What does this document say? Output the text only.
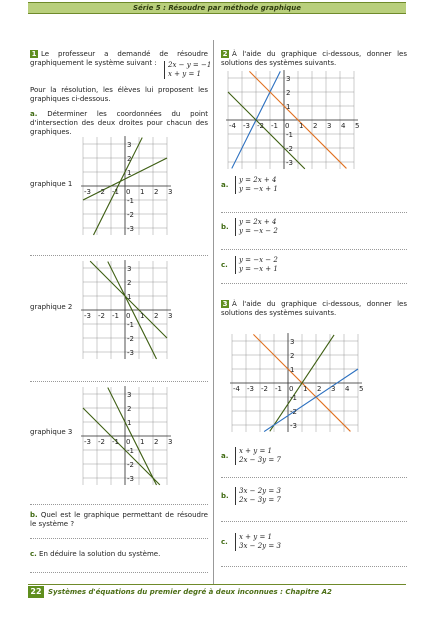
Série 5 : Résoudre par méthode graphique
1 Le professeur a demandé de résoudre graphiquement le système suivant :	2x − y = −1
x + y = 1
Pour la résolution, les élèves lui proposent les graphiques ci-dessous.
a. Déterminer les coordonnées du point d'intersection des deux droites pour chacun des graphiques.
graphique 1
-3 -2 -1 0 1 2 3
3
2
1
-1
-2
-3
graphique 2
-3 -2 -1 0 1 2 3
3
2
1
-1
-2
-3
graphique 3
-3 -2 -1 0 1 2 3
3
2
1
-1
-2
-3
b. Quel est le graphique permettant de résoudre le système ?
c. En déduire la solution du système.
2 À l'aide du graphique ci-dessous, donner les solutions des systèmes suivants.
-4 -3 -2 -1 0 1 2 3 4 5
3
2
1
-1
-2
-3
a.
y = 2x + 4
y = −x + 1
b.
y = 2x + 4
y = −x − 2
c.
y = −x − 2
y = −x + 1
3 À l'aide du graphique ci-dessous, donner les solutions des systèmes suivants.
-4 -3 -2 -1 0 1 2 3 4 5
3
2
1
-1
-2
-3
a.
x + y = 1
2x − 3y = 7
b.
3x − 2y = 3
2x − 3y = 7
c.
x + y = 1
3x − 2y = 3
22 Systèmes d'équations du premier degré à deux inconnues : Chapitre A2
